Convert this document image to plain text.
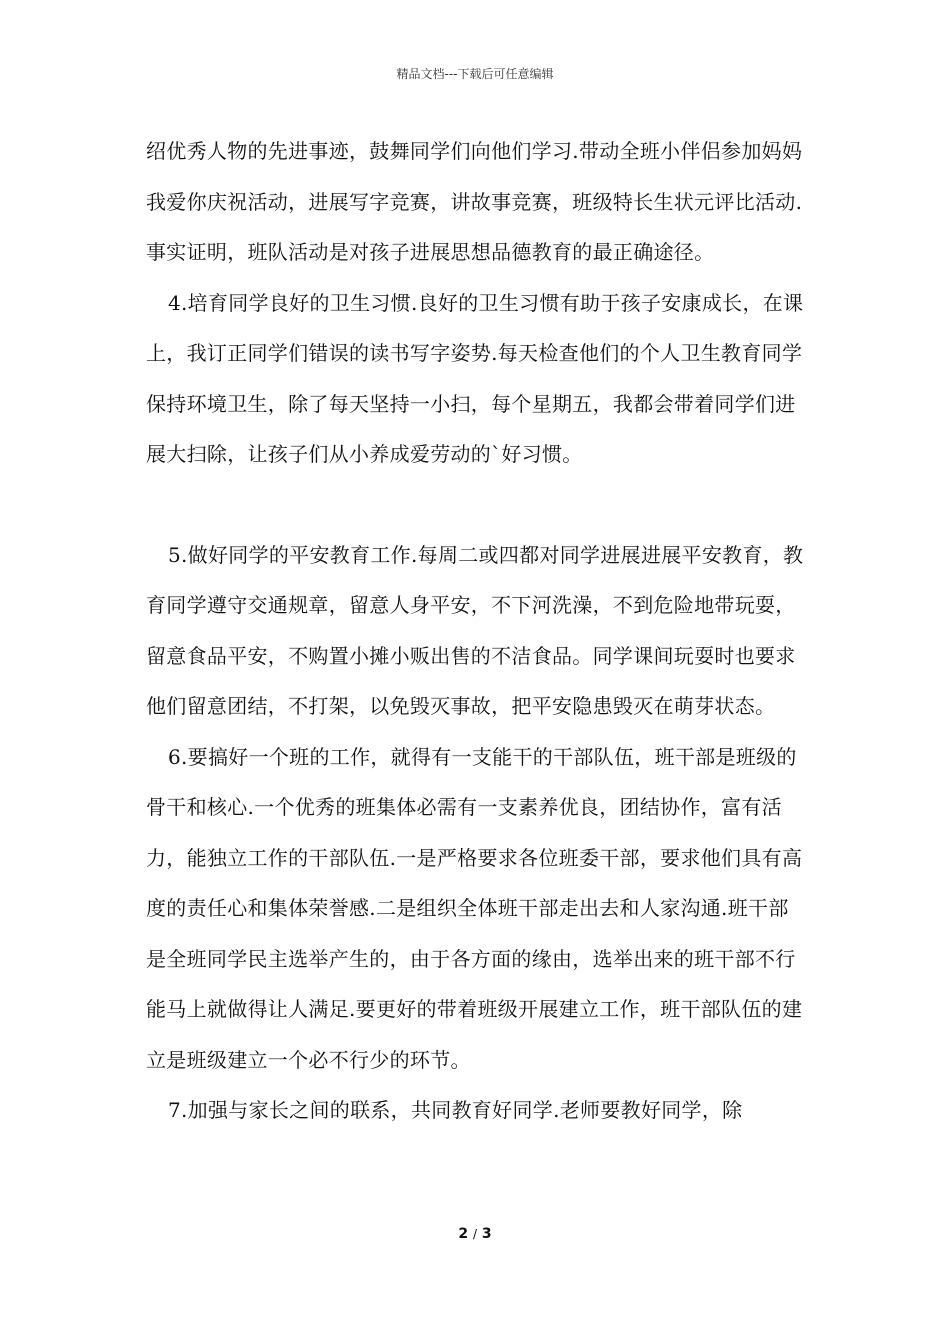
精品文档---下载后可任意编辑

绍优秀人物的先进事迹，鼓舞同学们向他们学习.带动全班小伴侣参加妈妈我爱你庆祝活动，进展写字竞赛，讲故事竞赛，班级特长生状元评比活动.事实证明，班队活动是对孩子进展思想品德教育的最正确途径。

4.培育同学良好的卫生习惯.良好的卫生习惯有助于孩子安康成长，在课上，我订正同学们错误的读书写字姿势.每天检查他们的个人卫生教育同学保持环境卫生，除了每天坚持一小扫，每个星期五，我都会带着同学们进展大扫除，让孩子们从小养成爱劳动的`好习惯。

5.做好同学的平安教育工作.每周二或四都对同学进展进展平安教育，教育同学遵守交通规章，留意人身平安，不下河洗澡，不到危险地带玩耍，留意食品平安，不购置小摊小贩出售的不洁食品。同学课间玩耍时也要求他们留意团结，不打架，以免毁灭事故，把平安隐患毁灭在萌芽状态。

6.要搞好一个班的工作，就得有一支能干的干部队伍，班干部是班级的骨干和核心.一个优秀的班集体必需有一支素养优良，团结协作，富有活力，能独立工作的干部队伍.一是严格要求各位班委干部，要求他们具有高度的责任心和集体荣誉感.二是组织全体班干部走出去和人家沟通.班干部是全班同学民主选举产生的，由于各方面的缘由，选举出来的班干部不行能马上就做得让人满足.要更好的带着班级开展建立工作，班干部队伍的建立是班级建立一个必不行少的环节。

7.加强与家长之间的联系，共同教育好同学.老师要教好同学，除

2 / 3
